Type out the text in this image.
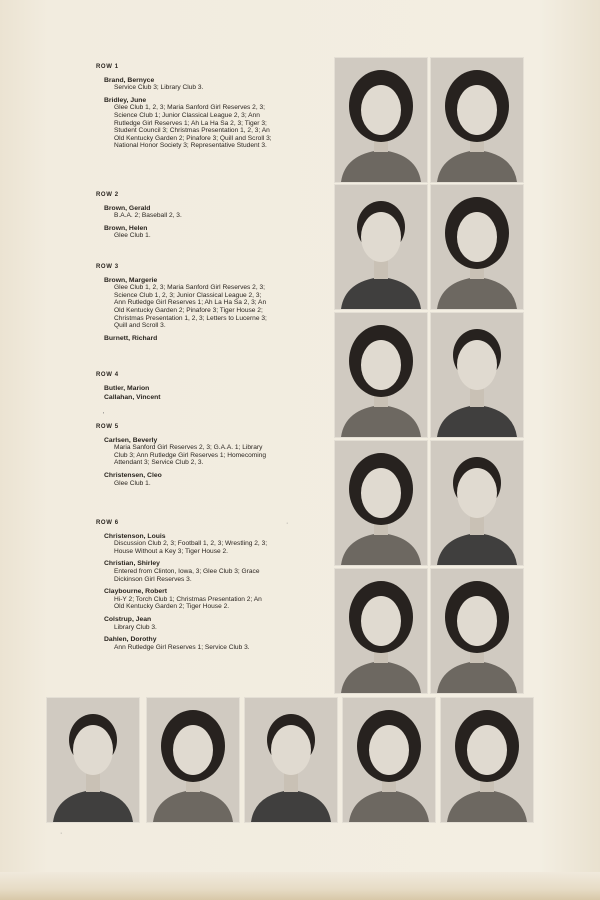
ROW 1
Brand, Bernyce
Service Club 3; Library Club 3.
Bridley, June
Glee Club 1, 2, 3; Maria Sanford Girl Reserves 2, 3; Science Club 1; Junior Classical League 2, 3; Ann Rutledge Girl Reserves 1; Ah La Ha Sa 2, 3; Tiger 3; Student Council 3; Christmas Presentation 1, 2, 3; An Old Kentucky Garden 2; Pinafore 3; Quill and Scroll 3; National Honor Society 3; Representative Student 3.
ROW 2
Brown, Gerald
B.A.A. 2; Baseball 2, 3.
Brown, Helen
Glee Club 1.
ROW 3
Brown, Margerie
Glee Club 1, 2, 3; Maria Sanford Girl Reserves 2, 3; Science Club 1, 2, 3; Junior Classical League 2, 3; Ann Rutledge Girl Reserves 1; Ah La Ha Sa 2, 3; An Old Kentucky Garden 2; Pinafore 3; Tiger House 2; Christmas Presentation 1, 2, 3; Letters to Lucerne 3; Quill and Scroll 3.
Burnett, Richard
ROW 4
Butler, Marion
Callahan, Vincent
ROW 5
Carlsen, Beverly
Maria Sanford Girl Reserves 2, 3; G.A.A. 1; Library Club 3; Ann Rutledge Girl Reserves 1; Homecoming Attendant 3; Service Club 2, 3.
Christensen, Cleo
Glee Club 1.
ROW 6
Christenson, Louis
Discussion Club 2, 3; Football 1, 2, 3; Wrestling 2, 3; House Without a Key 3; Tiger House 2.
Christian, Shirley
Entered from Clinton, Iowa, 3; Glee Club 3; Grace Dickinson Girl Reserves 3.
Claybourne, Robert
Hi-Y 2; Torch Club 1; Christmas Presentation 2; An Old Kentucky Garden 2; Tiger House 2.
Colstrup, Jean
Library Club 3.
Dahlen, Dorothy
Ann Rutledge Girl Reserves 1; Service Club 3.
'
·
·
